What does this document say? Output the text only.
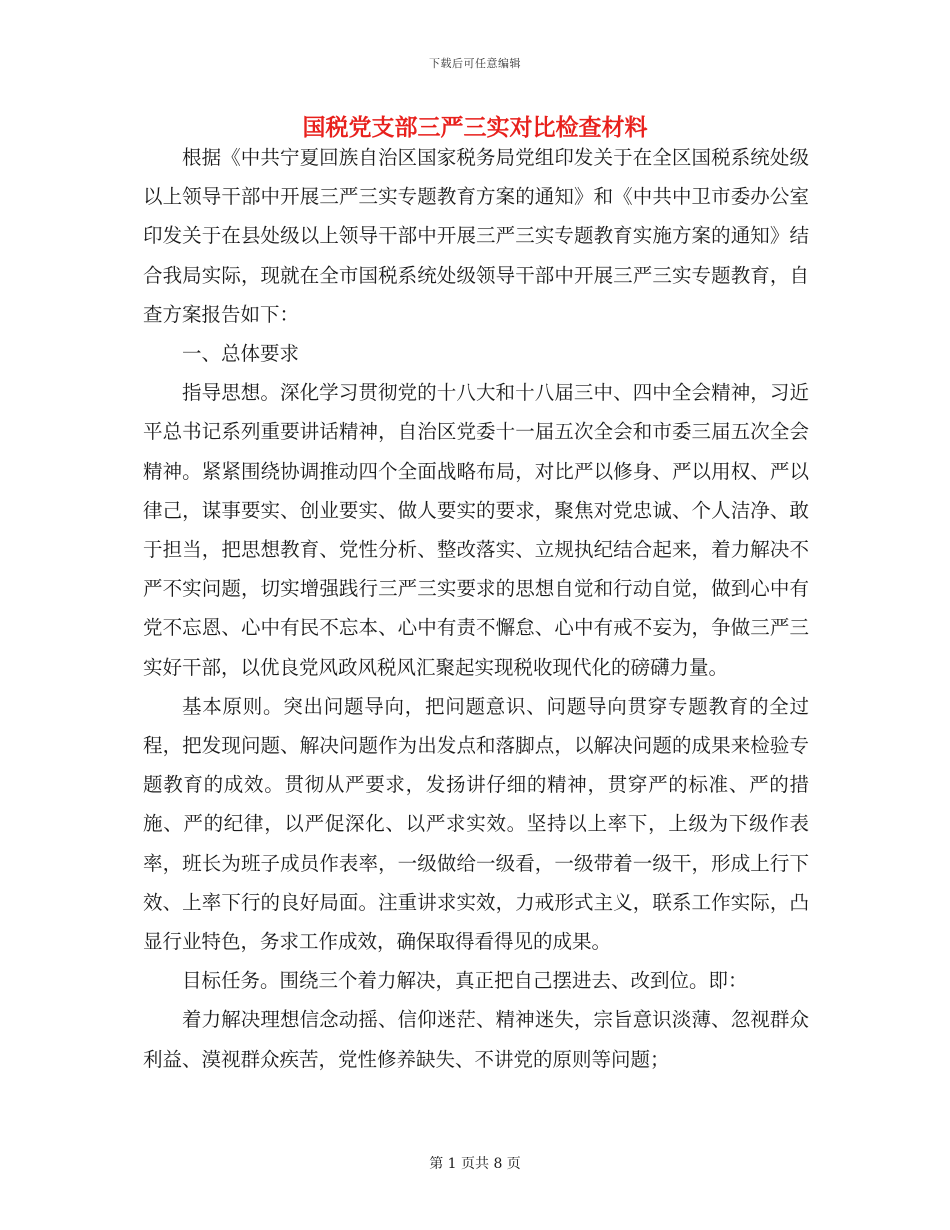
下载后可任意编辑
国税党支部三严三实对比检查材料

根据《中共宁夏回族自治区国家税务局党组印发关于在全区国税系统处级以上领导干部中开展三严三实专题教育方案的通知》和《中共中卫市委办公室印发关于在县处级以上领导干部中开展三严三实专题教育实施方案的通知》结合我局实际，现就在全市国税系统处级领导干部中开展三严三实专题教育，自查方案报告如下：

一、总体要求

指导思想。深化学习贯彻党的十八大和十八届三中、四中全会精神，习近平总书记系列重要讲话精神，自治区党委十一届五次全会和市委三届五次全会精神。紧紧围绕协调推动四个全面战略布局，对比严以修身、严以用权、严以律己，谋事要实、创业要实、做人要实的要求，聚焦对党忠诚、个人洁净、敢于担当，把思想教育、党性分析、整改落实、立规执纪结合起来，着力解决不严不实问题，切实增强践行三严三实要求的思想自觉和行动自觉，做到心中有党不忘恩、心中有民不忘本、心中有责不懈怠、心中有戒不妄为，争做三严三实好干部，以优良党风政风税风汇聚起实现税收现代化的磅礴力量。

基本原则。突出问题导向，把问题意识、问题导向贯穿专题教育的全过程，把发现问题、解决问题作为出发点和落脚点，以解决问题的成果来检验专题教育的成效。贯彻从严要求，发扬讲仔细的精神，贯穿严的标准、严的措施、严的纪律，以严促深化、以严求实效。坚持以上率下，上级为下级作表率，班长为班子成员作表率，一级做给一级看，一级带着一级干，形成上行下效、上率下行的良好局面。注重讲求实效，力戒形式主义，联系工作实际，凸显行业特色，务求工作成效，确保取得看得见的成果。

目标任务。围绕三个着力解决，真正把自己摆进去、改到位。即：

着力解决理想信念动摇、信仰迷茫、精神迷失，宗旨意识淡薄、忽视群众利益、漠视群众疾苦，党性修养缺失、不讲党的原则等问题；

第 1 页共 8 页
